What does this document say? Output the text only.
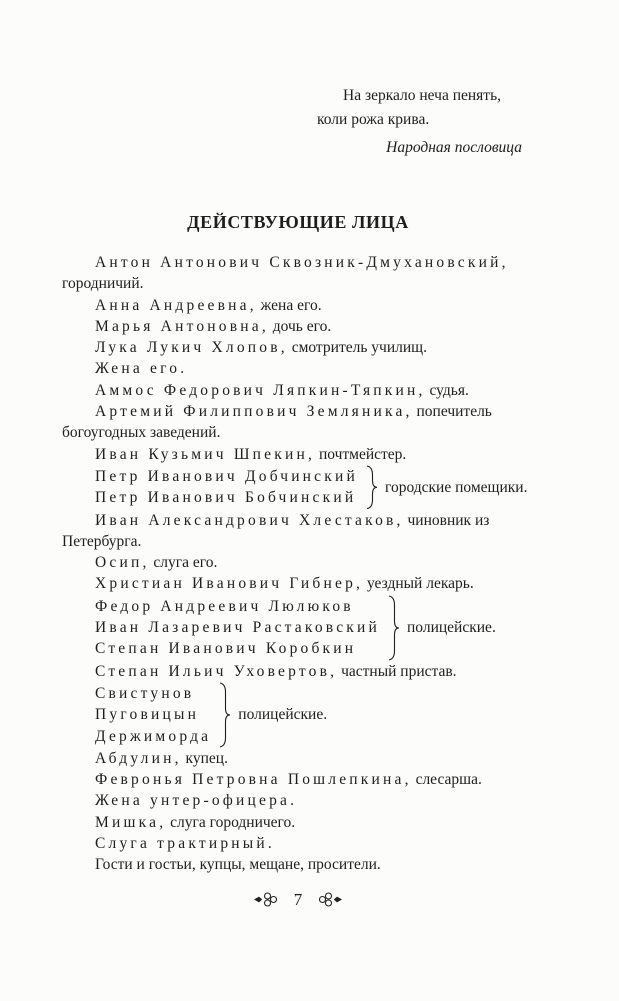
На зеркало неча пенять,
коли рожа крива.
Народная пословица
ДЕЙСТВУЮЩИЕ ЛИЦА

Антон Антонович Сквозник-Дмухановский, городничий.

Анна Андреевна, жена его.

Марья Антоновна, дочь его.

Лука Лукич Хлопов, смотритель училищ.

Жена его.

Аммос Федорович Ляпкин-Тяпкин, судья.

Артемий Филиппович Земляника, попечитель богоугодных заведений.

Иван Кузьмич Шпекин, почтмейстер.

Петр Иванович Добчинский
Петр Иванович Бобчинский
городские помещики.

Иван Александрович Хлестаков, чиновник из Петербурга.

Осип, слуга его.

Христиан Иванович Гибнер, уездный лекарь.

Федор Андреевич Люлюков
Иван Лазаревич Растаковский
Степан Иванович Коробкин
полицейские.

Степан Ильич Уховертов, частный пристав.

Свистунов
Пуговицын
Держиморда
полицейские.

Абдулин, купец.

Февронья Петровна Пошлепкина, слесарша.

Жена унтер-офицера.

Мишка, слуга городничего.

Слуга трактирный.

Гости и гостьи, купцы, мещане, просители.

7
